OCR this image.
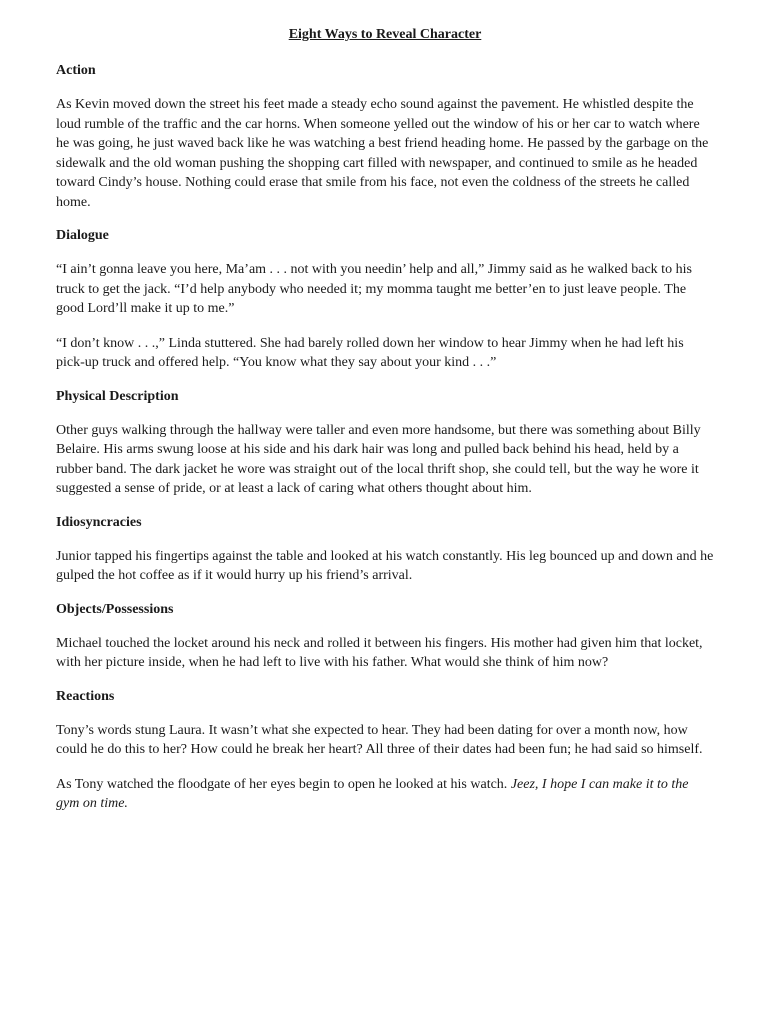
Eight Ways to Reveal Character
Action

As Kevin moved down the street his feet made a steady echo sound against the pavement. He whistled despite the loud rumble of the traffic and the car horns. When someone yelled out the window of his or her car to watch where he was going, he just waved back like he was watching a best friend heading home. He passed by the garbage on the sidewalk and the old woman pushing the shopping cart filled with newspaper, and continued to smile as he headed toward Cindy’s house. Nothing could erase that smile from his face, not even the coldness of the streets he called home.

Dialogue

“I ain’t gonna leave you here, Ma’am . . . not with you needin’ help and all,” Jimmy said as he walked back to his truck to get the jack. “I’d help anybody who needed it; my momma taught me better’en to just leave people. The good Lord’ll make it up to me.”

“I don’t know . . .,” Linda stuttered. She had barely rolled down her window to hear Jimmy when he had left his pick-up truck and offered help. “You know what they say about your kind . . .”

Physical Description

Other guys walking through the hallway were taller and even more handsome, but there was something about Billy Belaire. His arms swung loose at his side and his dark hair was long and pulled back behind his head, held by a rubber band. The dark jacket he wore was straight out of the local thrift shop, she could tell, but the way he wore it suggested a sense of pride, or at least a lack of caring what others thought about him.

Idiosyncracies

Junior tapped his fingertips against the table and looked at his watch constantly. His leg bounced up and down and he gulped the hot coffee as if it would hurry up his friend’s arrival.

Objects/Possessions

Michael touched the locket around his neck and rolled it between his fingers. His mother had given him that locket, with her picture inside, when he had left to live with his father. What would she think of him now?

Reactions

Tony’s words stung Laura. It wasn’t what she expected to hear. They had been dating for over a month now, how could he do this to her? How could he break her heart? All three of their dates had been fun; he had said so himself.

As Tony watched the floodgate of her eyes begin to open he looked at his watch. Jeez, I hope I can make it to the gym on time.
